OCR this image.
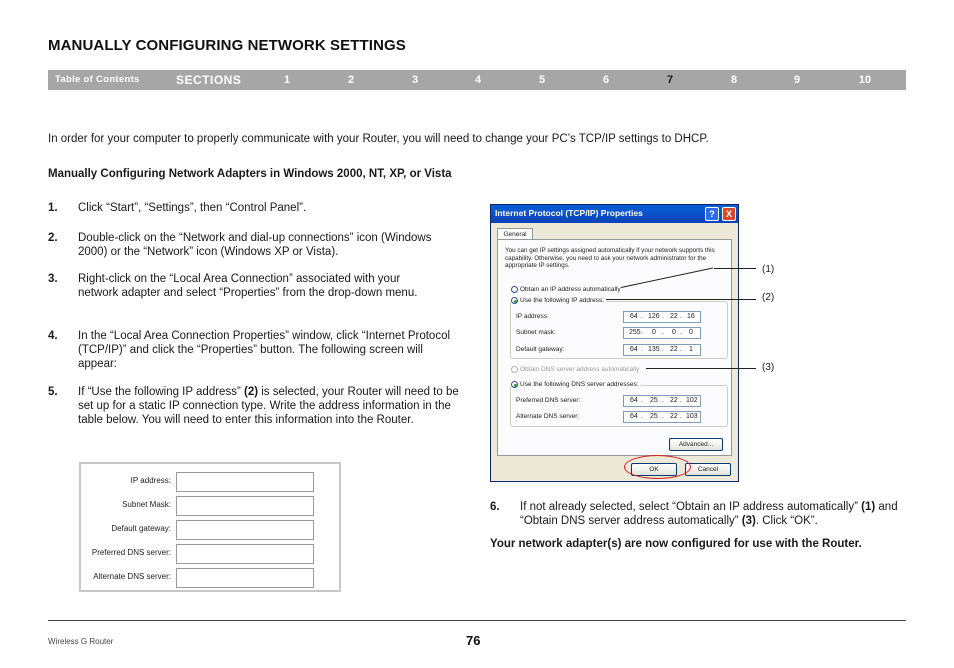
MANUALLY CONFIGURING NETWORK SETTINGS
Table of Contents	SECTIONS	1	2	3	4	5	6	7	8	9	10
In order for your computer to properly communicate with your Router, you will need to change your PC’s TCP/IP settings to DHCP.
Manually Configuring Network Adapters in Windows 2000, NT, XP, or Vista
1. Click “Start”, “Settings”, then “Control Panel”.
2. Double-click on the “Network and dial-up connections” icon (Windows 2000) or the “Network” icon (Windows XP or Vista).
3. Right-click on the “Local Area Connection” associated with your network adapter and select “Properties” from the drop-down menu.
4. In the “Local Area Connection Properties” window, click “Internet Protocol (TCP/IP)” and click the “Properties” button. The following screen will appear:
5. If “Use the following IP address” (2) is selected, your Router will need to be set up for a static IP connection type. Write the address information in the table below. You will need to enter this information into the Router.
IP address:
Subnet Mask:
Default gateway:
Preferred DNS server:
Alternate DNS server:
Internet Protocol (TCP/IP) Properties	?	X
General
You can get IP settings assigned automatically if your network supports this capability. Otherwise, you need to ask your network administrator for the appropriate IP settings.
Obtain an IP address automatically
Use the following IP address:
IP address:	64 . 126 . 22 . 16
Subnet mask:	255 . 0 . 0 . 0
Default gateway:	64 . 135 . 22 . 1
Obtain DNS server address automatically
Use the following DNS server addresses:
Preferred DNS server:	64 . 25 . 22 . 102
Alternate DNS server:	64 . 25 . 22 . 103
Advanced...
OK	Cancel
(1)
(2)
(3)
6. If not already selected, select “Obtain an IP address automatically” (1) and “Obtain DNS server address automatically” (3). Click “OK”.
Your network adapter(s) are now configured for use with the Router.
Wireless G Router	76
